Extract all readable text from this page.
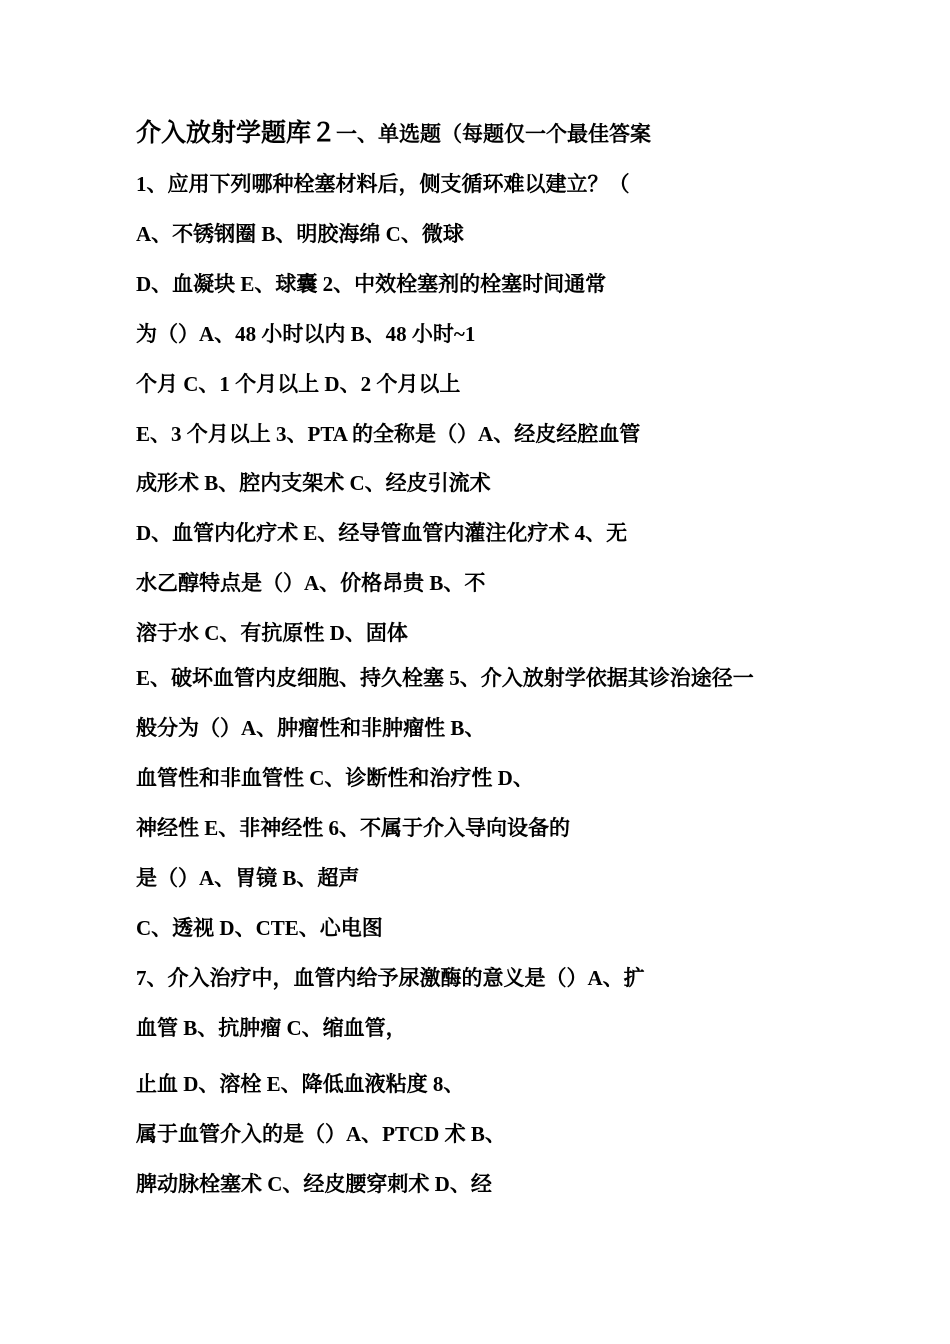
介入放射学题库２一、单选题（每题仅一个最佳答案
1、应用下列哪种栓塞材料后，侧支循环难以建立？（
A、不锈钢圈 B、明胶海绵 C、微球
D、血凝块 E、球囊 2、中效栓塞剂的栓塞时间通常
为（）A、48 小时以内 B、48 小时~1
个月 C、1 个月以上 D、2 个月以上
E、3 个月以上 3、PTA 的全称是（）A、经皮经腔血管
成形术 B、腔内支架术 C、经皮引流术
D、血管内化疗术 E、经导管血管内灌注化疗术 4、无
水乙醇特点是（）A、价格昂贵 B、不
溶于水 C、有抗原性 D、固体
E、破坏血管内皮细胞、持久栓塞 5、介入放射学依据其诊治途径一
般分为（）A、肿瘤性和非肿瘤性 B、
血管性和非血管性 C、诊断性和治疗性 D、
神经性 E、非神经性 6、不属于介入导向设备的
是（）A、胃镜 B、超声
C、透视 D、CTE、心电图
7、介入治疗中，血管内给予尿激酶的意义是（）A、扩
血管 B、抗肿瘤 C、缩血管，
止血 D、溶栓 E、降低血液粘度 8、
属于血管介入的是（）A、PTCD 术 B、
脾动脉栓塞术 C、经皮腰穿刺术 D、经
